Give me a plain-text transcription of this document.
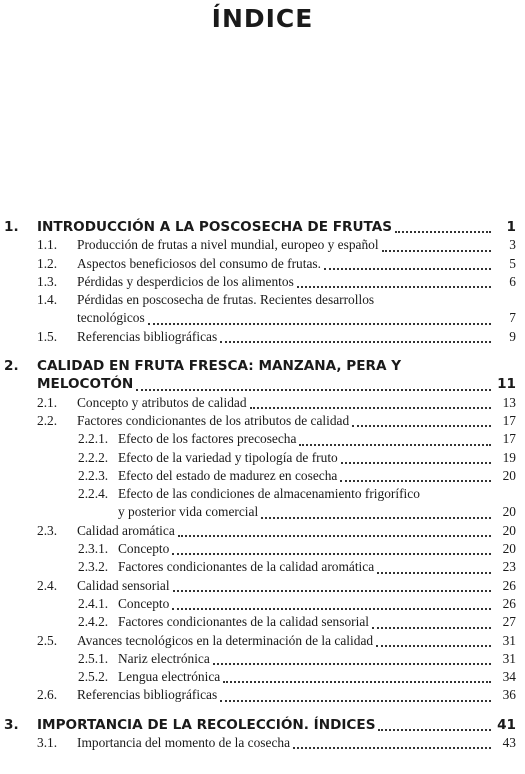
ÍNDICE
1.	INTRODUCCIÓN A LA POSCOSECHA DE FRUTAS	1
1.1.	Producción de frutas a nivel mundial, europeo y español	3
1.2.	Aspectos beneficiosos del consumo de frutas.	5
1.3.	Pérdidas y desperdicios de los alimentos	6
1.4.	Pérdidas en poscosecha de frutas. Recientes desarrollos
tecnológicos	7
1.5.	Referencias bibliográficas	9
2.	CALIDAD EN FRUTA FRESCA: MANZANA, PERA Y
MELOCOTÓN	11
2.1.	Concepto y atributos de calidad	13
2.2.	Factores condicionantes de los atributos de calidad	17
2.2.1. Efecto de los factores precosecha	17
2.2.2. Efecto de la variedad y tipología de fruto	19
2.2.3. Efecto del estado de madurez en cosecha	20
2.2.4. Efecto de las condiciones de almacenamiento frigorífico
y posterior vida comercial	20
2.3.	Calidad aromática	20
2.3.1. Concepto	20
2.3.2. Factores condicionantes de la calidad aromática	23
2.4.	Calidad sensorial	26
2.4.1. Concepto	26
2.4.2. Factores condicionantes de la calidad sensorial	27
2.5.	Avances tecnológicos en la determinación de la calidad	31
2.5.1. Nariz electrónica	31
2.5.2. Lengua electrónica	34
2.6.	Referencias bibliográficas	36
3.	IMPORTANCIA DE LA RECOLECCIÓN. ÍNDICES	41
3.1.	Importancia del momento de la cosecha	43
